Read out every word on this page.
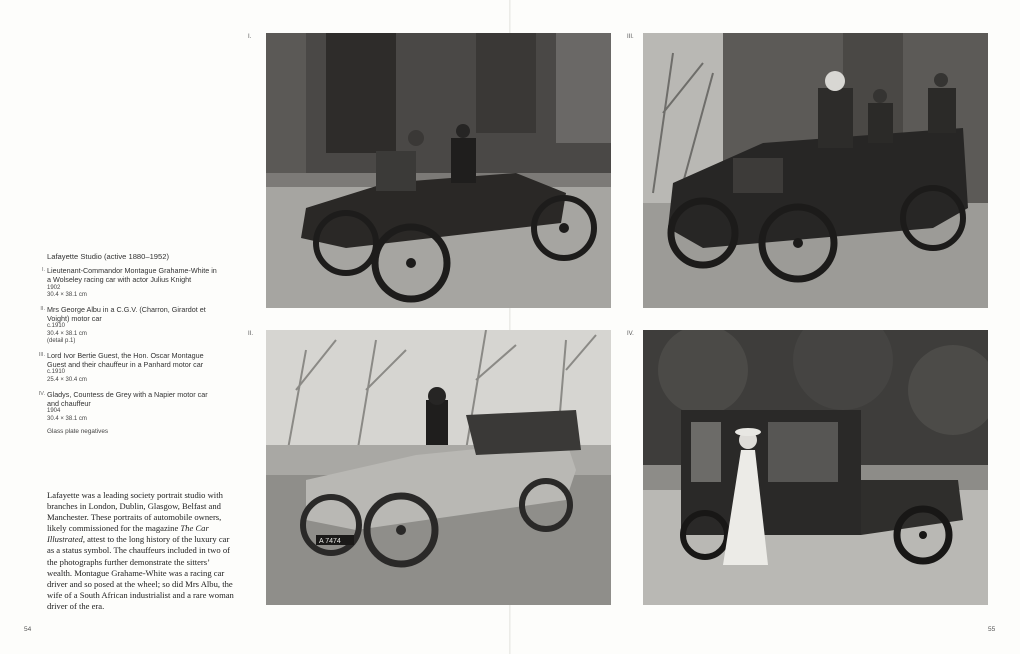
I.
II.
III.
IV.
A 7474
Lafayette Studio (active 1880–1952)
I. Lieutenant-Commandor Montague Grahame-White in a Wolseley racing car with actor Julius Knight
1902
30.4 × 38.1 cm
II. Mrs George Albu in a C.G.V. (Charron, Girardot et Voight) motor car
c.1910
30.4 × 38.1 cm
(detail p.1)
III. Lord Ivor Bertie Guest, the Hon. Oscar Montague Guest and their chauffeur in a Panhard motor car
c.1910
25.4 × 30.4 cm
IV. Gladys, Countess de Grey with a Napier motor car and chauffeur
1904
30.4 × 38.1 cm
Glass plate negatives
Lafayette was a leading society portrait studio with branches in London, Dublin, Glasgow, Belfast and Manchester. These portraits of automobile owners, likely commissioned for the magazine The Car Illustrated, attest to the long history of the luxury car as a status symbol. The chauffeurs included in two of the photographs further demonstrate the sitters’ wealth. Montague Grahame-White was a racing car driver and so posed at the wheel; so did Mrs Albu, the wife of a South African industrialist and a rare woman driver of the era.
54	55
